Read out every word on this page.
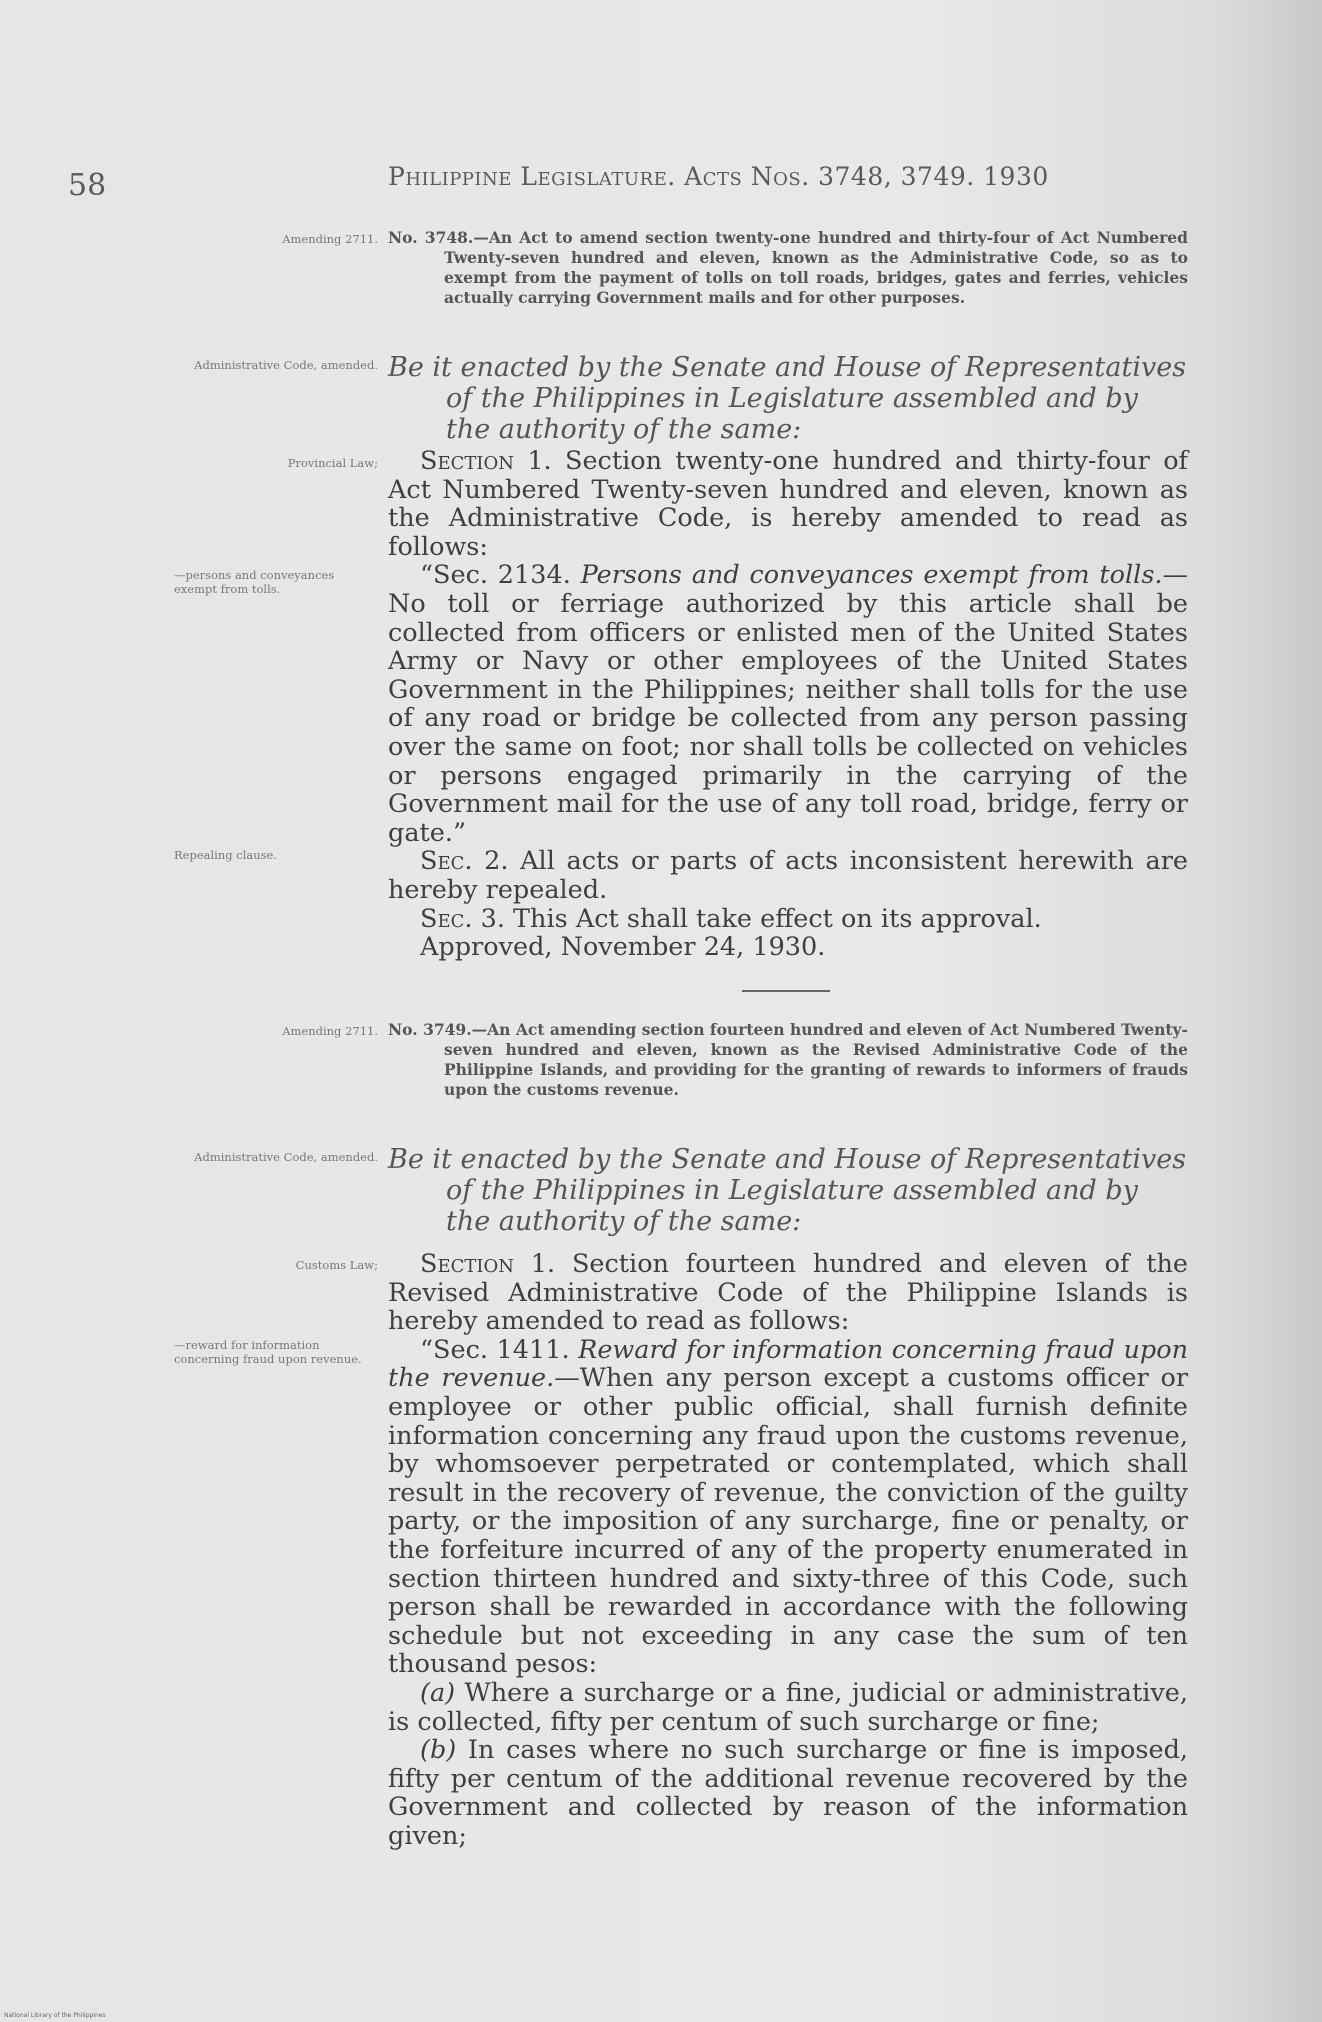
58	Philippine Legislature. Acts Nos. 3748, 3749. 1930
Amending 2711. No. 3748.—An Act to amend section twenty-one hundred and thirty-four of Act Numbered Twenty-seven hundred and eleven, known as the Administrative Code, so as to exempt from the payment of tolls on toll roads, bridges, gates and ferries, vehicles actually carrying Government mails and for other purposes.
Administrative Code, amended. Be it enacted by the Senate and House of Representatives of the Philippines in Legislature assembled and by the authority of the same:
Provincial Law;	Section 1. Section twenty-one hundred and thirty-four of Act Numbered Twenty-seven hundred and eleven, known as the Administrative Code, is hereby amended to read as follows:

“Sec. 2134. Persons and conveyances exempt from tolls.—No toll or ferriage authorized by this article shall be collected from officers or enlisted men of the United States Army or Navy or other employees of the United States Government in the Philippines; neither shall tolls for the use of any road or bridge be collected from any person passing over the same on foot; nor shall tolls be collected on vehicles or persons engaged primarily in the carrying of the Government mail for the use of any toll road, bridge, ferry or gate.”

Sec. 2. All acts or parts of acts inconsistent herewith are hereby repealed.

Sec. 3. This Act shall take effect on its approval.

Approved, November 24, 1930.

—persons and conveyances exempt from tolls.
Repealing clause.
Amending 2711. No. 3749.—An Act amending section fourteen hundred and eleven of Act Numbered Twenty-seven hundred and eleven, known as the Revised Administrative Code of the Philippine Islands, and providing for the granting of rewards to informers of frauds upon the customs revenue.
Administrative Code, amended. Be it enacted by the Senate and House of Representatives of the Philippines in Legislature assembled and by the authority of the same:
Customs Law;	Section 1. Section fourteen hundred and eleven of the Revised Administrative Code of the Philippine Islands is hereby amended to read as follows:

“Sec. 1411. Reward for information concerning fraud upon the revenue.—When any person except a customs officer or employee or other public official, shall furnish definite information concerning any fraud upon the customs revenue, by whomsoever perpetrated or contemplated, which shall result in the recovery of revenue, the conviction of the guilty party, or the imposition of any surcharge, fine or penalty, or the forfeiture incurred of any of the property enumerated in section thirteen hundred and sixty-three of this Code, such person shall be rewarded in accordance with the following schedule but not exceeding in any case the sum of ten thousand pesos:

(a) Where a surcharge or a fine, judicial or administrative, is collected, fifty per centum of such surcharge or fine;

(b) In cases where no such surcharge or fine is imposed, fifty per centum of the additional revenue recovered by the Government and collected by reason of the information given;

—reward for information concerning fraud upon revenue.
National Library of the Philippines
